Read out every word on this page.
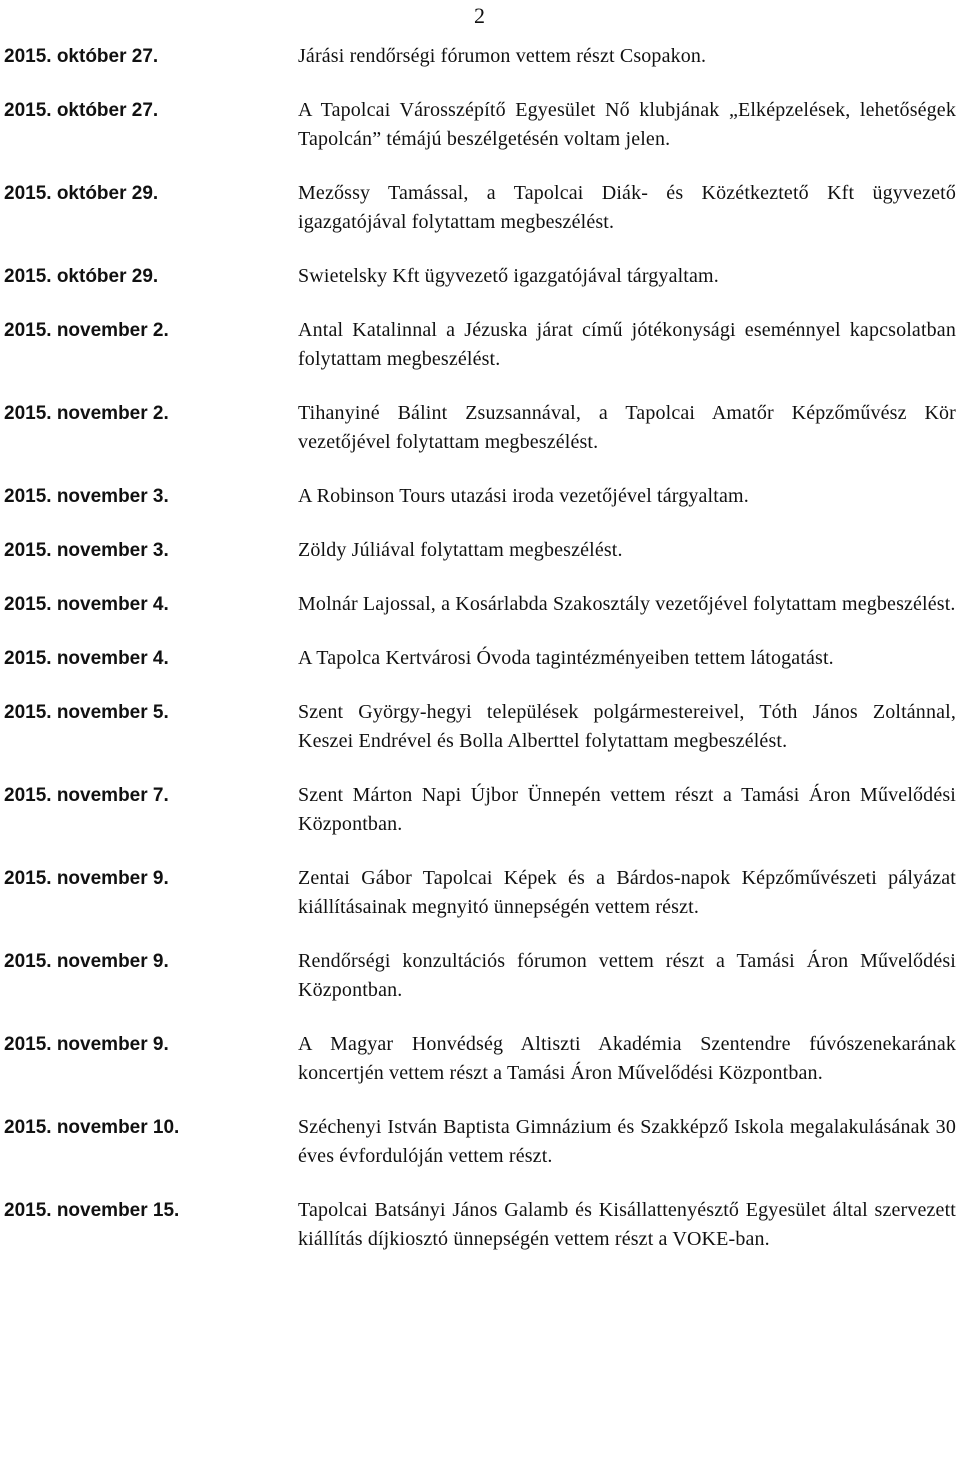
2
2015. október 27.	Járási rendőrségi fórumon vettem részt Csopakon.
2015. október 27.	A Tapolcai Városszépítő Egyesület Nő klubjának „Elképzelések, lehetőségek Tapolcán” témájú beszélgetésén voltam jelen.
2015. október 29.	Mezőssy Tamással, a Tapolcai Diák- és Közétkeztető Kft ügyvezető igazgatójával folytattam megbeszélést.
2015. október 29.	Swietelsky Kft ügyvezető igazgatójával tárgyaltam.
2015. november 2.	Antal Katalinnal a Jézuska járat című jótékonysági eseménnyel kapcsolatban folytattam megbeszélést.
2015. november 2.	Tihanyiné Bálint Zsuzsannával, a Tapolcai Amatőr Képzőművész Kör vezetőjével folytattam megbeszélést.
2015. november 3.	A Robinson Tours utazási iroda vezetőjével tárgyaltam.
2015. november 3.	Zöldy Júliával folytattam megbeszélést.
2015. november 4.	Molnár Lajossal, a Kosárlabda Szakosztály vezetőjével folytattam megbeszélést.
2015. november 4.	A Tapolca Kertvárosi Óvoda tagintézményeiben tettem látogatást.
2015. november 5.	Szent György-hegyi települések polgármestereivel, Tóth János Zoltánnal, Keszei Endrével és Bolla Alberttel folytattam megbeszélést.
2015. november 7.	Szent Márton Napi Újbor Ünnepén vettem részt a Tamási Áron Művelődési Központban.
2015. november 9.	Zentai Gábor Tapolcai Képek és a Bárdos-napok Képzőművészeti pályázat kiállításainak megnyitó ünnepségén vettem részt.
2015. november 9.	Rendőrségi konzultációs fórumon vettem részt a Tamási Áron Művelődési Központban.
2015. november 9.	A Magyar Honvédség Altiszti Akadémia Szentendre fúvószenekarának koncertjén vettem részt a Tamási Áron Művelődési Központban.
2015. november 10.	Széchenyi István Baptista Gimnázium és Szakképző Iskola megalakulásának 30 éves évfordulóján vettem részt.
2015. november 15.	Tapolcai Batsányi János Galamb és Kisállattenyésztő Egyesület által szervezett kiállítás díjkiosztó ünnepségén vettem részt a VOKE-ban.
